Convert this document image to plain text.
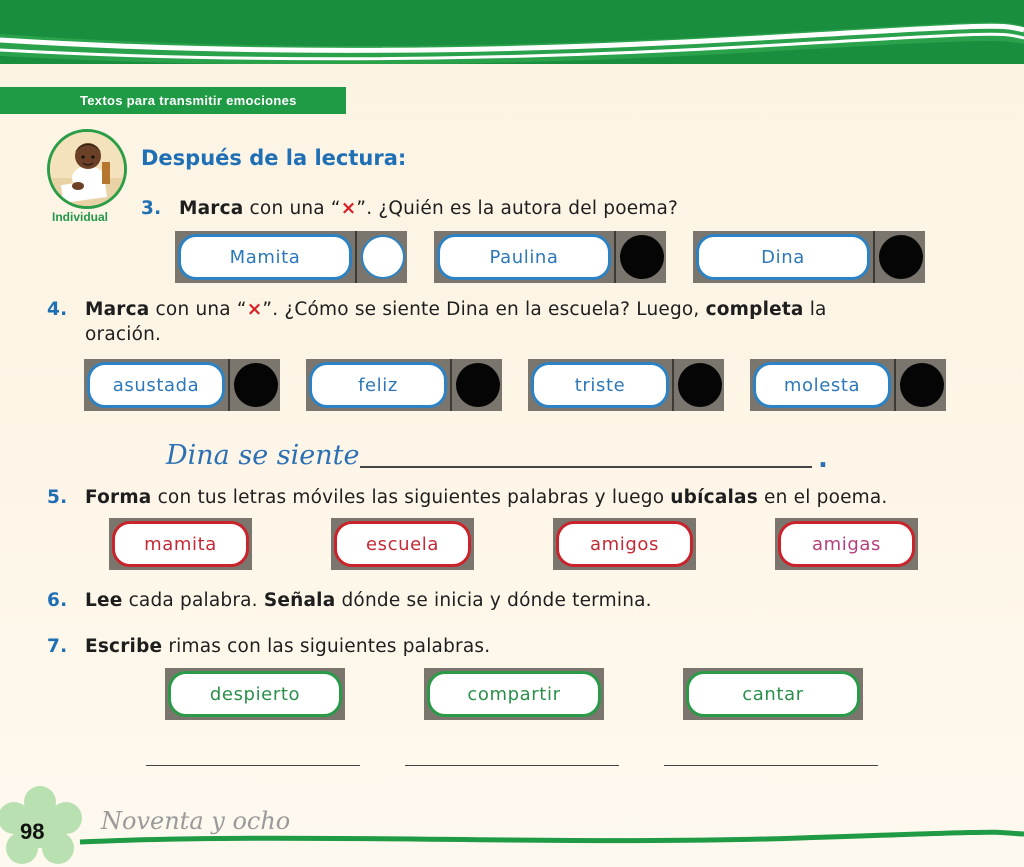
Textos para transmitir emociones
Individual
Después de la lectura:
3. Marca con una “×”. ¿Quién es la autora del poema?
Mamita	Paulina	Dina
4. Marca con una “×”. ¿Cómo se siente Dina en la escuela? Luego, completa la
oración.
asustada	feliz	triste	molesta
Dina se siente	.
5. Forma con tus letras móviles las siguientes palabras y luego ubícalas en el poema.
mamita	escuela	amigos	amigas
6. Lee cada palabra. Señala dónde se inicia y dónde termina.
7. Escribe rimas con las siguientes palabras.
despierto	compartir	cantar
98 Noventa y ocho
